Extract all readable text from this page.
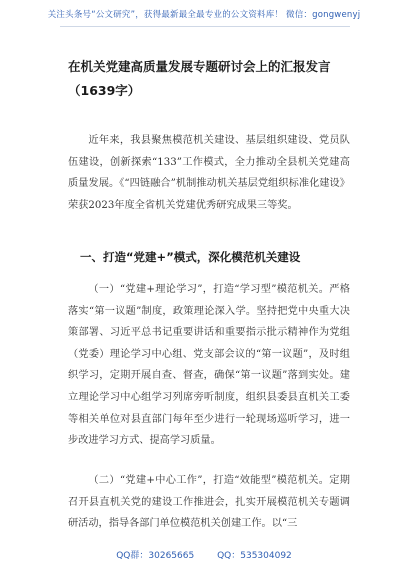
关注头条号“公文研究”，获得最新最全最专业的公文资料库！ 微信：gongwenyj
在机关党建高质量发展专题研讨会上的汇报发言（1639字）
近年来，我县聚焦模范机关建设、基层组织建设、党员队伍建设，创新探索“133”工作模式，全力推动全县机关党建高质量发展。《“四链融合”机制推动机关基层党组织标准化建设》荣获2023年度全省机关党建优秀研究成果三等奖。
一、打造“党建+”模式，深化模范机关建设
（一）“党建+理论学习”，打造“学习型”模范机关。严格落实“第一议题”制度，政策理论深入学。坚持把党中央重大决策部署、习近平总书记重要讲话和重要指示批示精神作为党组（党委）理论学习中心组、党支部会议的“第一议题”，及时组织学习，定期开展自查、督查，确保“第一议题”落到实处。建立理论学习中心组学习列席旁听制度，组织县委县直机关工委等相关单位对县直部门每年至少进行一轮现场巡听学习，进一步改进学习方式、提高学习质量。
（二）“党建+中心工作”，打造“效能型”模范机关。定期召开县直机关党的建设工作推进会，扎实开展模范机关专题调研活动，指导各部门单位模范机关创建工作。以“三
QQ群：30265665	QQ：535304092
